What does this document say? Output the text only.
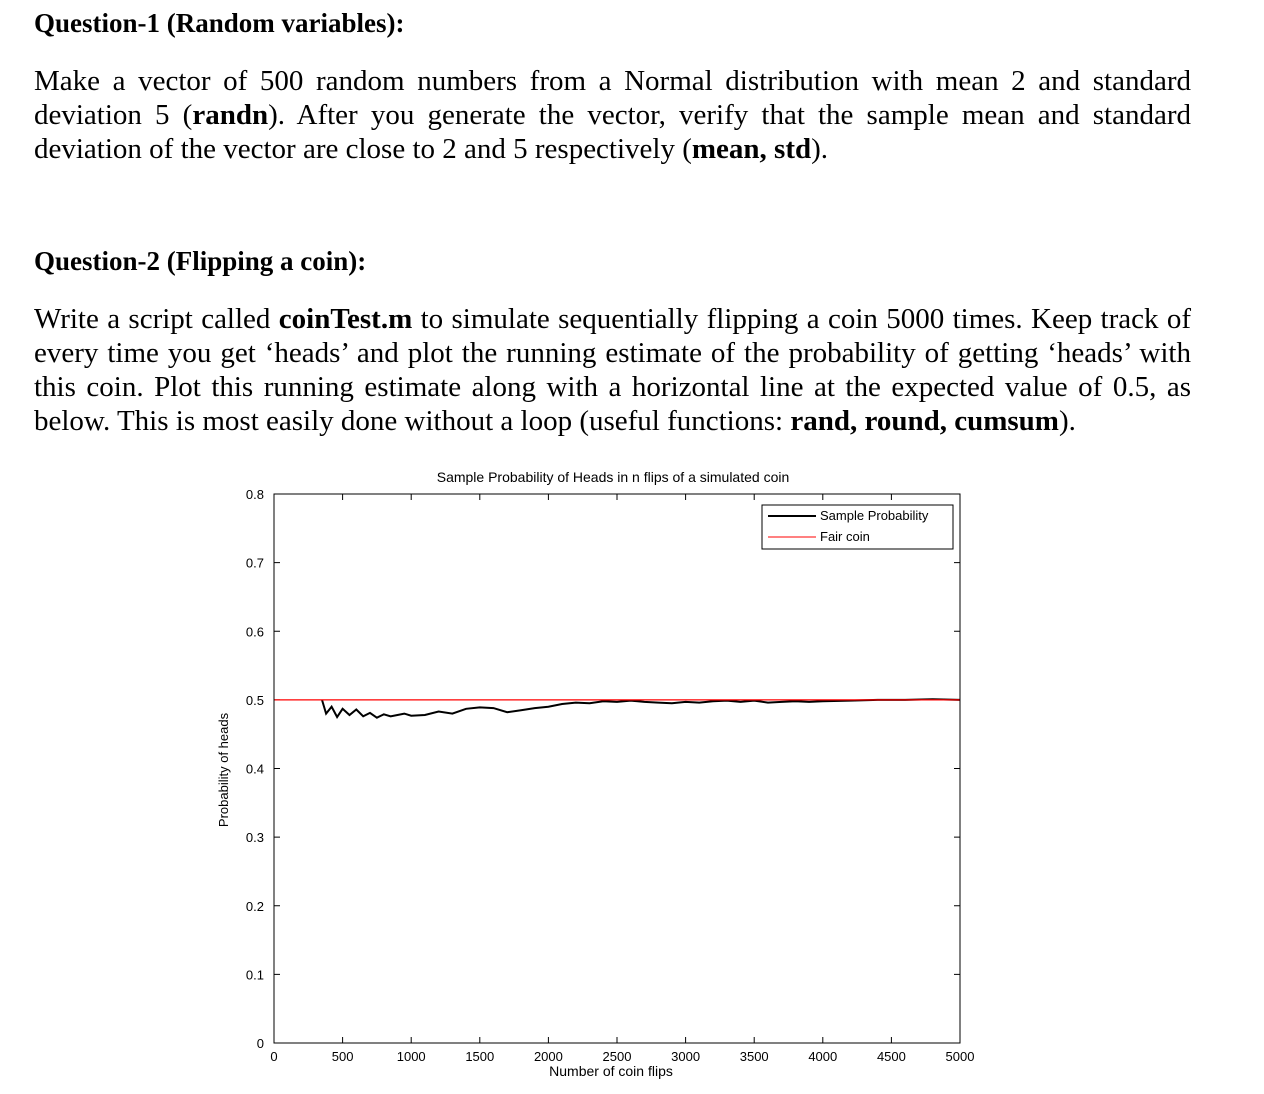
Question-1 (Random variables):
Make a vector of 500 random numbers from a Normal distribution with mean 2 and standard deviation 5 (randn). After you generate the vector, verify that the sample mean and standard deviation of the vector are close to 2 and 5 respectively (mean, std).
Question-2 (Flipping a coin):
Write a script called coinTest.m to simulate sequentially flipping a coin 5000 times. Keep track of every time you get ‘heads’ and plot the running estimate of the probability of getting ‘heads’ with this coin. Plot this running estimate along with a horizontal line at the expected value of 0.5, as below. This is most easily done without a loop (useful functions: rand, round, cumsum).
Sample Probability of Heads in n flips of a simulated coin
Number of coin flips
Probability of heads
0	500	1000	1500	2000	2500	3000	3500	4000	4500	5000
0
0.1
0.2
0.3
0.4
0.5
0.6
0.7
0.8
Sample Probability
Fair coin
